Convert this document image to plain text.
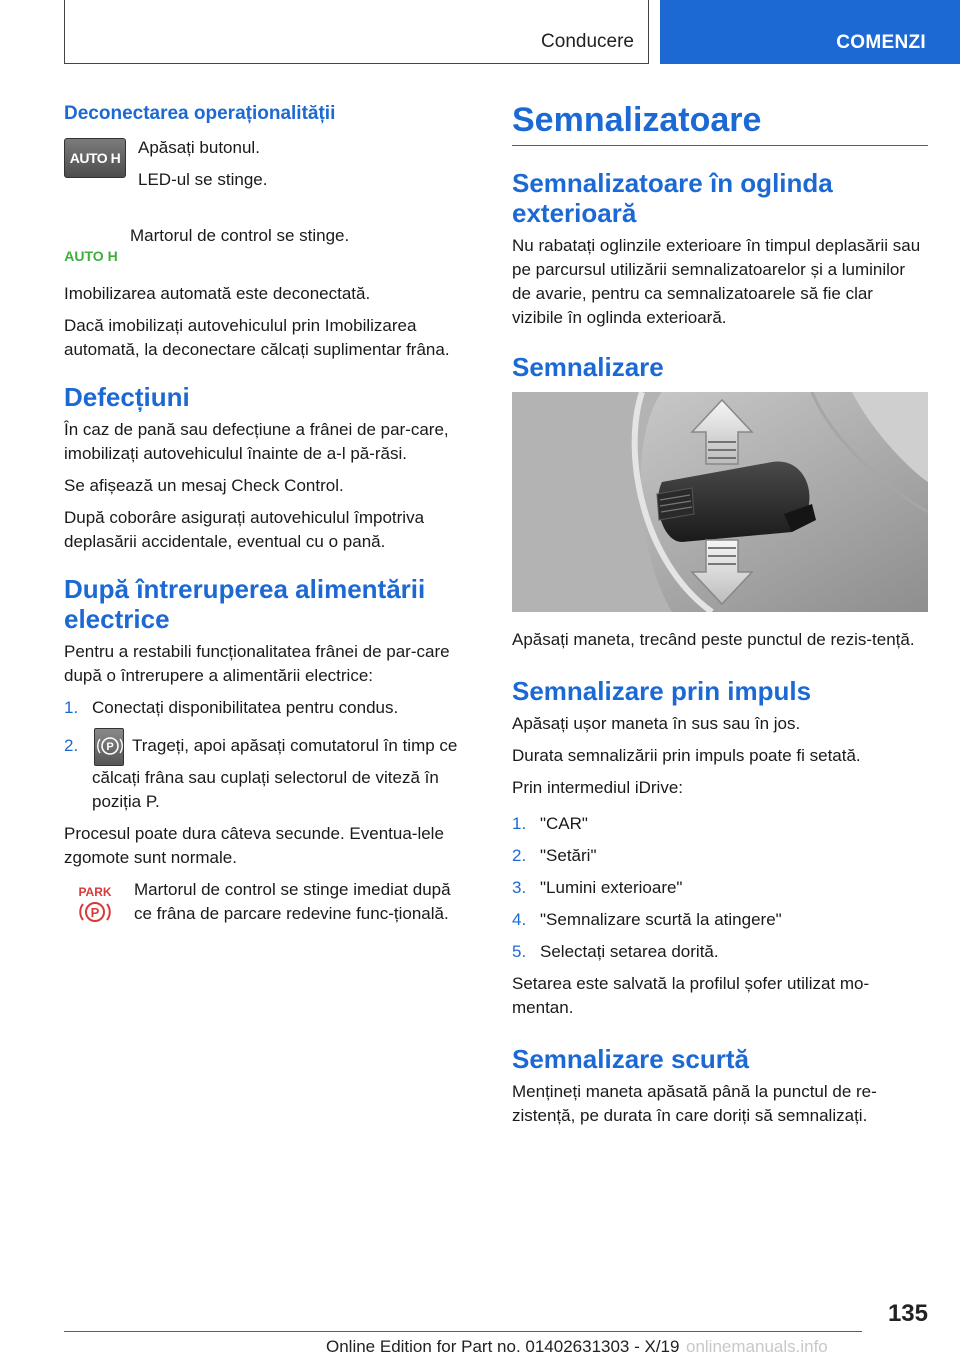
Conducere	COMENZI
Deconectarea operaționalității
AUTO H

Apăsați butonul.

LED-ul se stinge.

AUTO H

Martorul de control se stinge.

Imobilizarea automată este deconectată.

Dacă imobilizați autovehiculul prin Imobilizarea automată, la deconectare călcați suplimentar frâna.

Defecțiuni

În caz de pană sau defecțiune a frânei de par-care, imobilizați autovehiculul înainte de a-l pă-răsi.

Se afișează un mesaj Check Control.

După coborâre asigurați autovehiculul împotriva deplasării accidentale, eventual cu o pană.

După întreruperea alimentării electrice

Pentru a restabili funcționalitatea frânei de par-care după o întrerupere a alimentării electrice:

1. Conectați disponibilitatea pentru condus.
2.	P Trageți, apoi apăsați comutatorul în timp ce călcați frâna sau cuplați selectorul de viteză în poziția P.

Procesul poate dura câteva secunde. Eventua-lele zgomote sunt normale.

PARK
P

Martorul de control se stinge imediat după ce frâna de parcare redevine func-țională.

Semnalizatoare
Semnalizatoare în oglinda exterioară

Nu rabatați oglinzile exterioare în timpul deplasării sau pe parcursul utilizării semnalizatoarelor și a luminilor de avarie, pentru ca semnalizatoarele să fie clar vizibile în oglinda exterioară.

Semnalizare

Apăsați maneta, trecând peste punctul de rezis-tență.

Semnalizare prin impuls

Apăsați ușor maneta în sus sau în jos.

Durata semnalizării prin impuls poate fi setată.

Prin intermediul iDrive:

1. "CAR"
2. "Setări"
3. "Lumini exterioare"
4. "Semnalizare scurtă la atingere"
5. Selectați setarea dorită.

Setarea este salvată la profilul șofer utilizat mo-mentan.

Semnalizare scurtă

Mențineți maneta apăsată până la punctul de re-zistență, pe durata în care doriți să semnalizați.

135
Online Edition for Part no. 01402631303 - X/19 onlinemanuals.info
